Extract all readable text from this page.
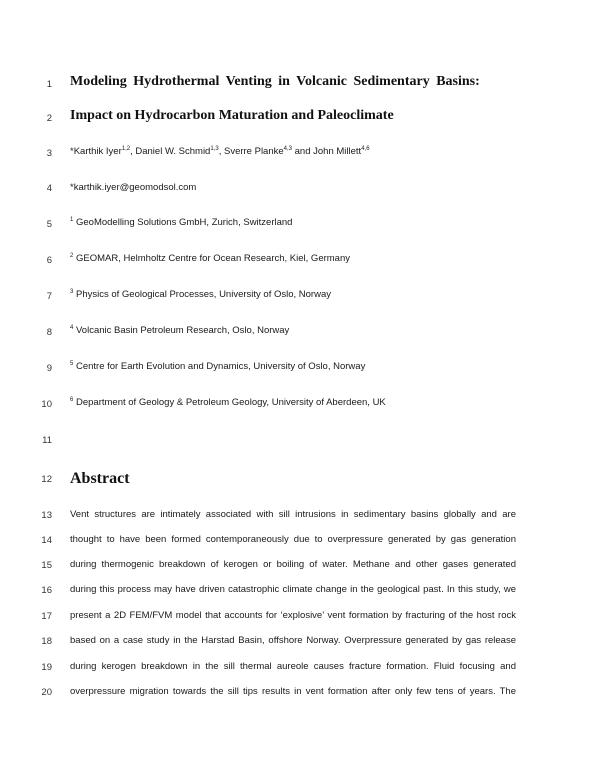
1
2
3
4
5
6
7
8
9
10
11
12
13
14
15
16
17
18
19
20
Modeling Hydrothermal Venting in Volcanic Sedimentary Basins:
Impact on Hydrocarbon Maturation and Paleoclimate
*Karthik Iyer$^{1,2}$, Daniel W. Schmid$^{1,3}$, Sverre Planke$^{4,3}$ and John Millett$^{4,6}$
*karthik.iyer@geomodsol.com
$^1$ GeoModelling Solutions GmbH, Zurich, Switzerland
$^2$ GEOMAR, Helmholtz Centre for Ocean Research, Kiel, Germany
$^3$ Physics of Geological Processes, University of Oslo, Norway
$^4$ Volcanic Basin Petroleum Research, Oslo, Norway
$^5$ Centre for Earth Evolution and Dynamics, University of Oslo, Norway
$^6$ Department of Geology & Petroleum Geology, University of Aberdeen, UK
Abstract
Vent structures are intimately associated with sill intrusions in sedimentary basins globally and are
thought to have been formed contemporaneously due to overpressure generated by gas generation
during thermogenic breakdown of kerogen or boiling of water. Methane and other gases generated
during this process may have driven catastrophic climate change in the geological past. In this study, we
present a 2D FEM/FVM model that accounts for ‘explosive’ vent formation by fracturing of the host rock
based on a case study in the Harstad Basin, offshore Norway. Overpressure generated by gas release
during kerogen breakdown in the sill thermal aureole causes fracture formation. Fluid focusing and
overpressure migration towards the sill tips results in vent formation after only few tens of years. The
